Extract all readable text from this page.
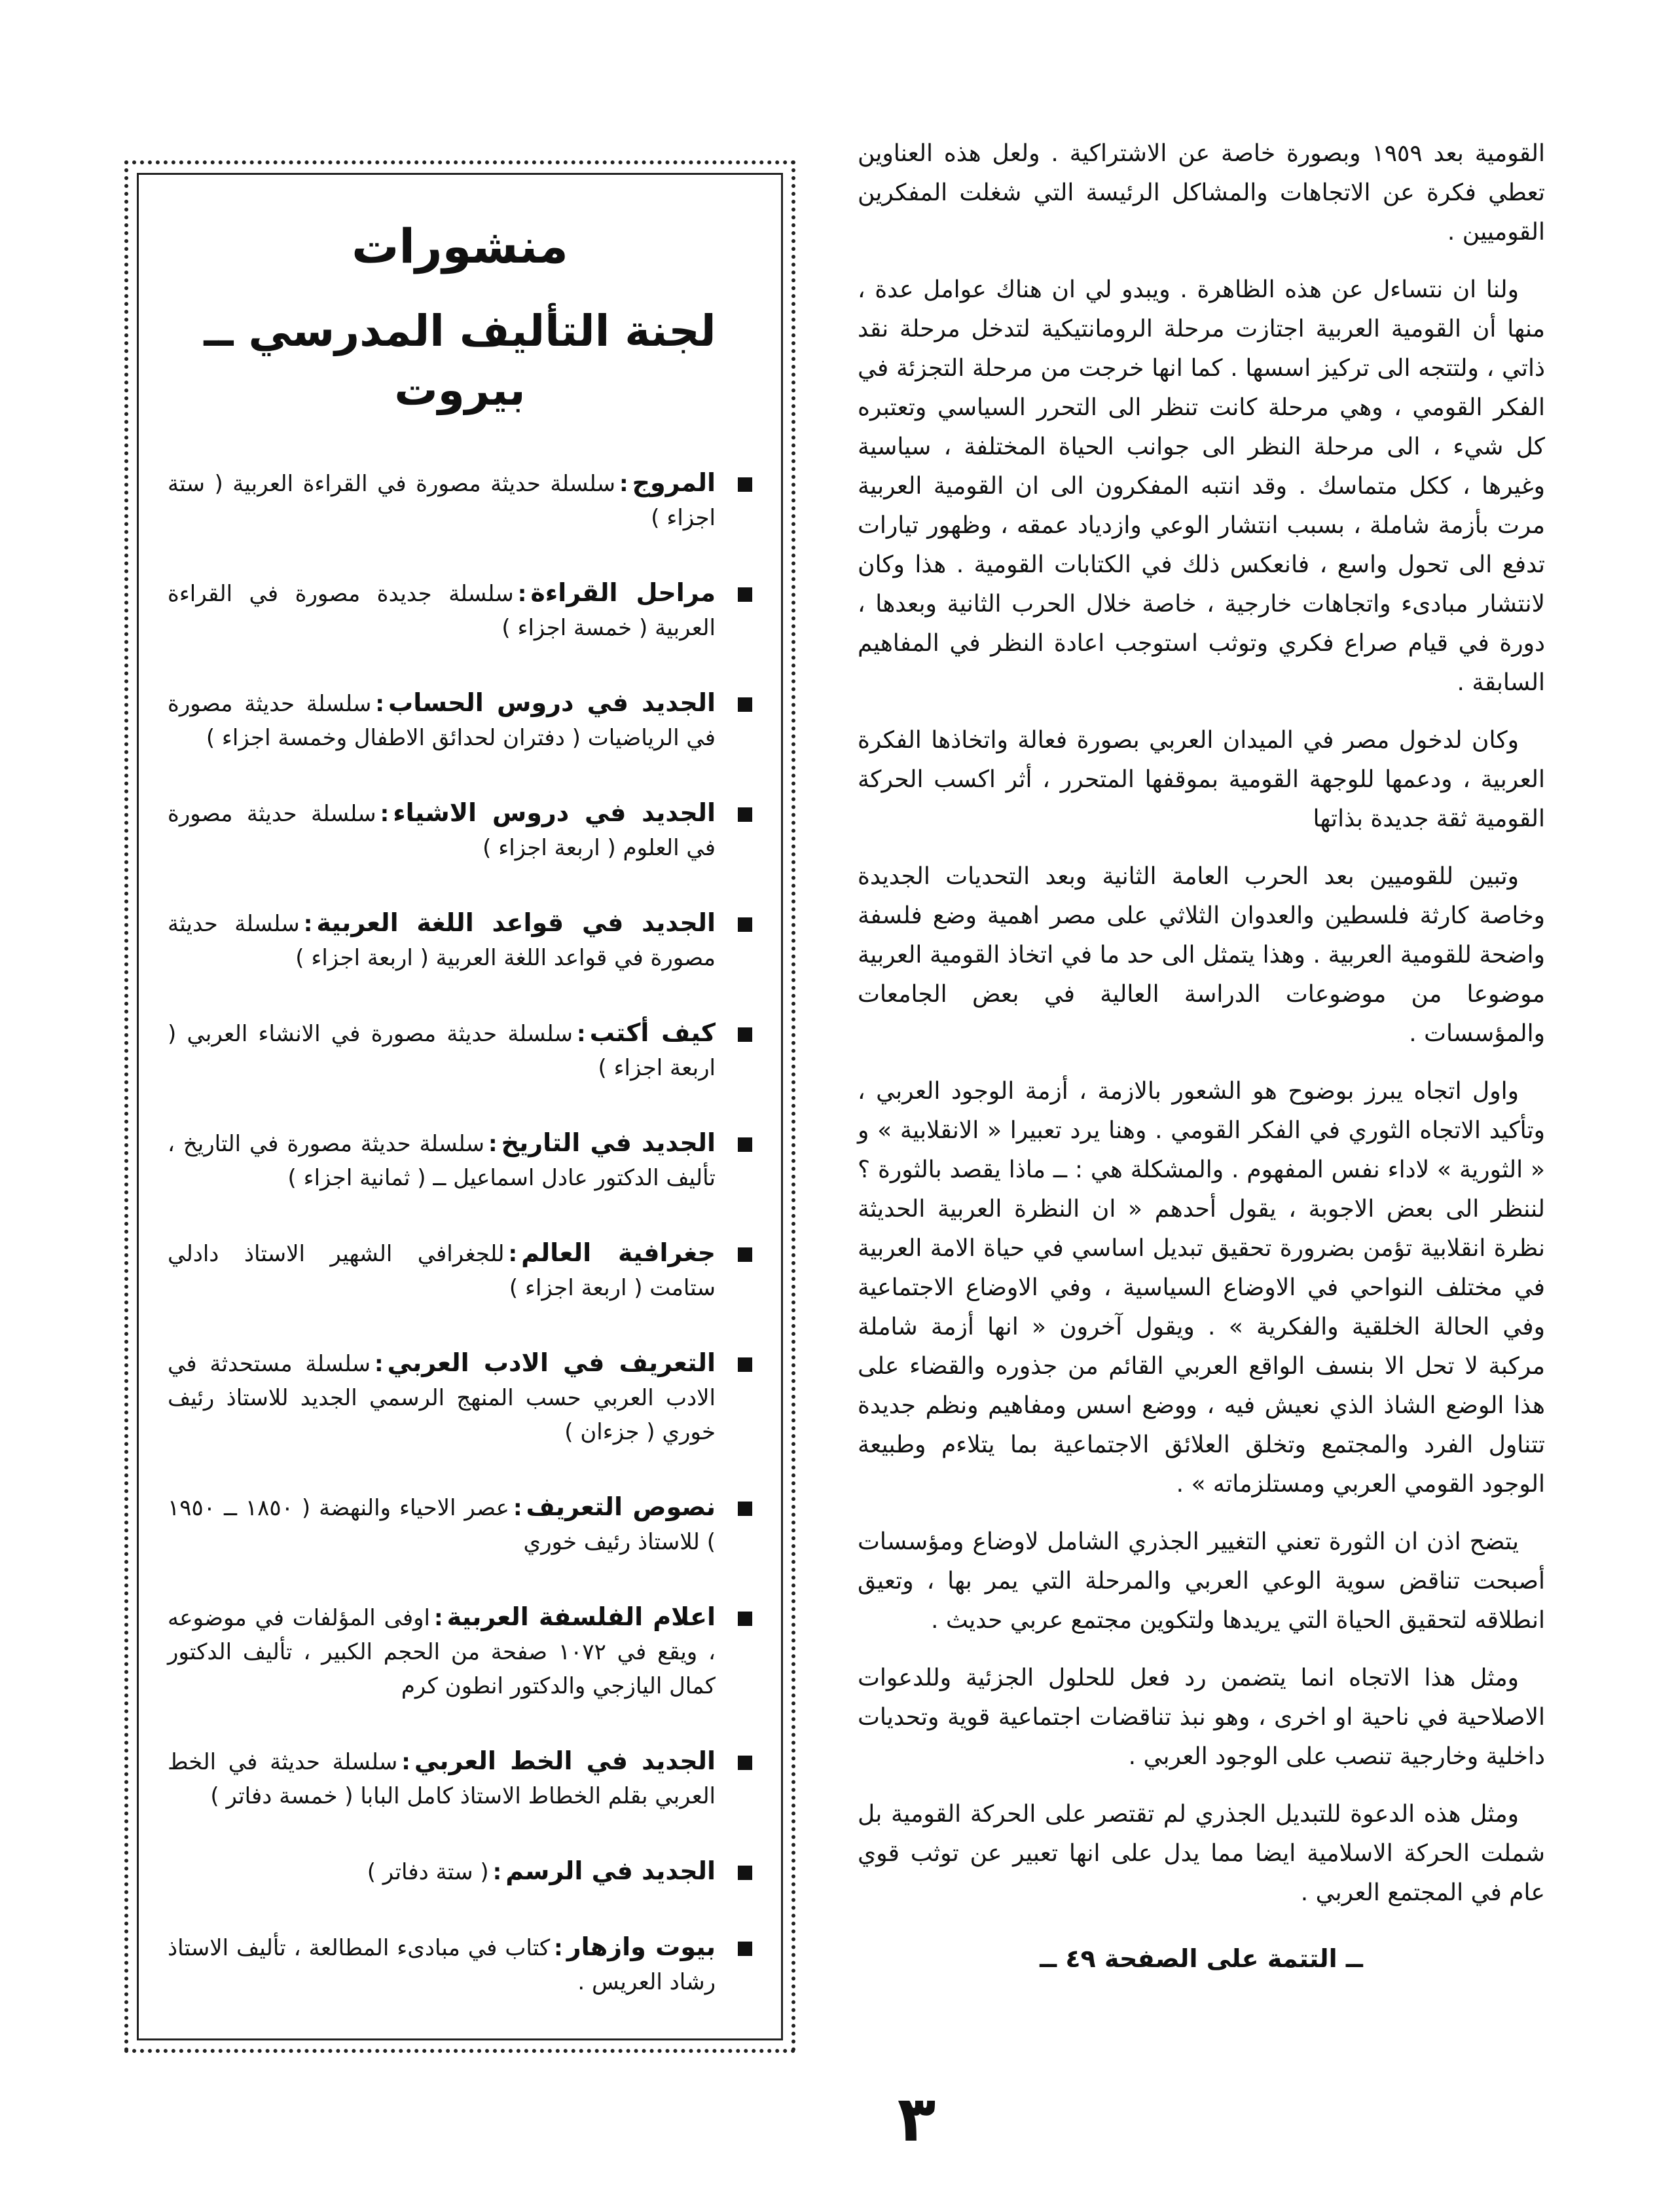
القومية بعد ١٩٥٩ وبصورة خاصة عن الاشتراكية . ولعل هذه العناوين تعطي فكرة عن الاتجاهات والمشاكل الرئيسة التي شغلت المفكرين القوميين .

ولنا ان نتساءل عن هذه الظاهرة . ويبدو لي ان هناك عوامل عدة ، منها أن القومية العربية اجتازت مرحلة الرومانتيكية لتدخل مرحلة نقد ذاتي ، ولتتجه الى تركيز اسسها . كما انها خرجت من مرحلة التجزئة في الفكر القومي ، وهي مرحلة كانت تنظر الى التحرر السياسي وتعتبره كل شيء ، الى مرحلة النظر الى جوانب الحياة المختلفة ، سياسية وغيرها ، ككل متماسك . وقد انتبه المفكرون الى ان القومية العربية مرت بأزمة شاملة ، بسبب انتشار الوعي وازدياد عمقه ، وظهور تيارات تدفع الى تحول واسع ، فانعكس ذلك في الكتابات القومية . هذا وكان لانتشار مبادىء واتجاهات خارجية ، خاصة خلال الحرب الثانية وبعدها ، دورة في قيام صراع فكري وتوثب استوجب اعادة النظر في المفاهيم السابقة .

وكان لدخول مصر في الميدان العربي بصورة فعالة واتخاذها الفكرة العربية ، ودعمها للوجهة القومية بموقفها المتحرر ، أثر اكسب الحركة القومية ثقة جديدة بذاتها

وتبين للقوميين بعد الحرب العامة الثانية وبعد التحديات الجديدة وخاصة كارثة فلسطين والعدوان الثلاثي على مصر اهمية وضع فلسفة واضحة للقومية العربية . وهذا يتمثل الى حد ما في اتخاذ القومية العربية موضوعا من موضوعات الدراسة العالية في بعض الجامعات والمؤسسات .

واول اتجاه يبرز بوضوح هو الشعور بالازمة ، أزمة الوجود العربي ، وتأكيد الاتجاه الثوري في الفكر القومي . وهنا يرد تعبيرا « الانقلابية » و « الثورية » لاداء نفس المفهوم . والمشكلة هي : ــ ماذا يقصد بالثورة ؟ لننظر الى بعض الاجوبة ، يقول أحدهم « ان النظرة العربية الحديثة نظرة انقلابية تؤمن بضرورة تحقيق تبديل اساسي في حياة الامة العربية في مختلف النواحي في الاوضاع السياسية ، وفي الاوضاع الاجتماعية وفي الحالة الخلقية والفكرية » . ويقول آخرون « انها أزمة شاملة مركبة لا تحل الا بنسف الواقع العربي القائم من جذوره والقضاء على هذا الوضع الشاذ الذي نعيش فيه ، ووضع اسس ومفاهيم ونظم جديدة تتناول الفرد والمجتمع وتخلق العلائق الاجتماعية بما يتلاءم وطبيعة الوجود القومي العربي ومستلزماته » .

يتضح اذن ان الثورة تعني التغيير الجذري الشامل لاوضاع ومؤسسات أصبحت تناقض سوية الوعي العربي والمرحلة التي يمر بها ، وتعيق انطلاقه لتحقيق الحياة التي يريدها ولتكوين مجتمع عربي حديث .

ومثل هذا الاتجاه انما يتضمن رد فعل للحلول الجزئية وللدعوات الاصلاحية في ناحية او اخرى ، وهو نبذ تناقضات اجتماعية قوية وتحديات داخلية وخارجية تنصب على الوجود العربي .

ومثل هذه الدعوة للتبديل الجذري لم تقتصر على الحركة القومية بل شملت الحركة الاسلامية ايضا مما يدل على انها تعبير عن توثب قوي عام في المجتمع العربي .

ــ التتمة على الصفحة ٤٩ ــ

منشورات
لجنة التأليف المدرسي ــ بيروت
المروج:سلسلة حديثة مصورة في القراءة العربية ( ستة اجزاء )
مراحل القراءة:سلسلة جديدة مصورة في القراءة العربية ( خمسة اجزاء )
الجديد في دروس الحساب:سلسلة حديثة مصورة في الرياضيات ( دفتران لحدائق الاطفال وخمسة اجزاء )
الجديد في دروس الاشياء:سلسلة حديثة مصورة في العلوم ( اربعة اجزاء )
الجديد في قواعد اللغة العربية:سلسلة حديثة مصورة في قواعد اللغة العربية ( اربعة اجزاء )
كيف أكتب:سلسلة حديثة مصورة في الانشاء العربي ( اربعة اجزاء )
الجديد في التاريخ:سلسلة حديثة مصورة في التاريخ ، تأليف الدكتور عادل اسماعيل ــ ( ثمانية اجزاء )
جغرافية العالم:للجغرافي الشهير الاستاذ دادلي ستامت ( اربعة اجزاء )
التعريف في الادب العربي:سلسلة مستحدثة في الادب العربي حسب المنهج الرسمي الجديد للاستاذ رئيف خوري ( جزءان )
نصوص التعريف:عصر الاحياء والنهضة ( ١٨٥٠ ــ ١٩٥٠ ) للاستاذ رئيف خوري
اعلام الفلسفة العربية:اوفى المؤلفات في موضوعه ، ويقع في ١٠٧٢ صفحة من الحجم الكبير ، تأليف الدكتور كمال اليازجي والدكتور انطون كرم
الجديد في الخط العربي:سلسلة حديثة في الخط العربي بقلم الخطاط الاستاذ كامل البابا ( خمسة دفاتر )
الجديد في الرسم:( ستة دفاتر )
بيوت وازهار:كتاب في مبادىء المطالعة ، تأليف الاستاذ رشاد العريس .
٣
